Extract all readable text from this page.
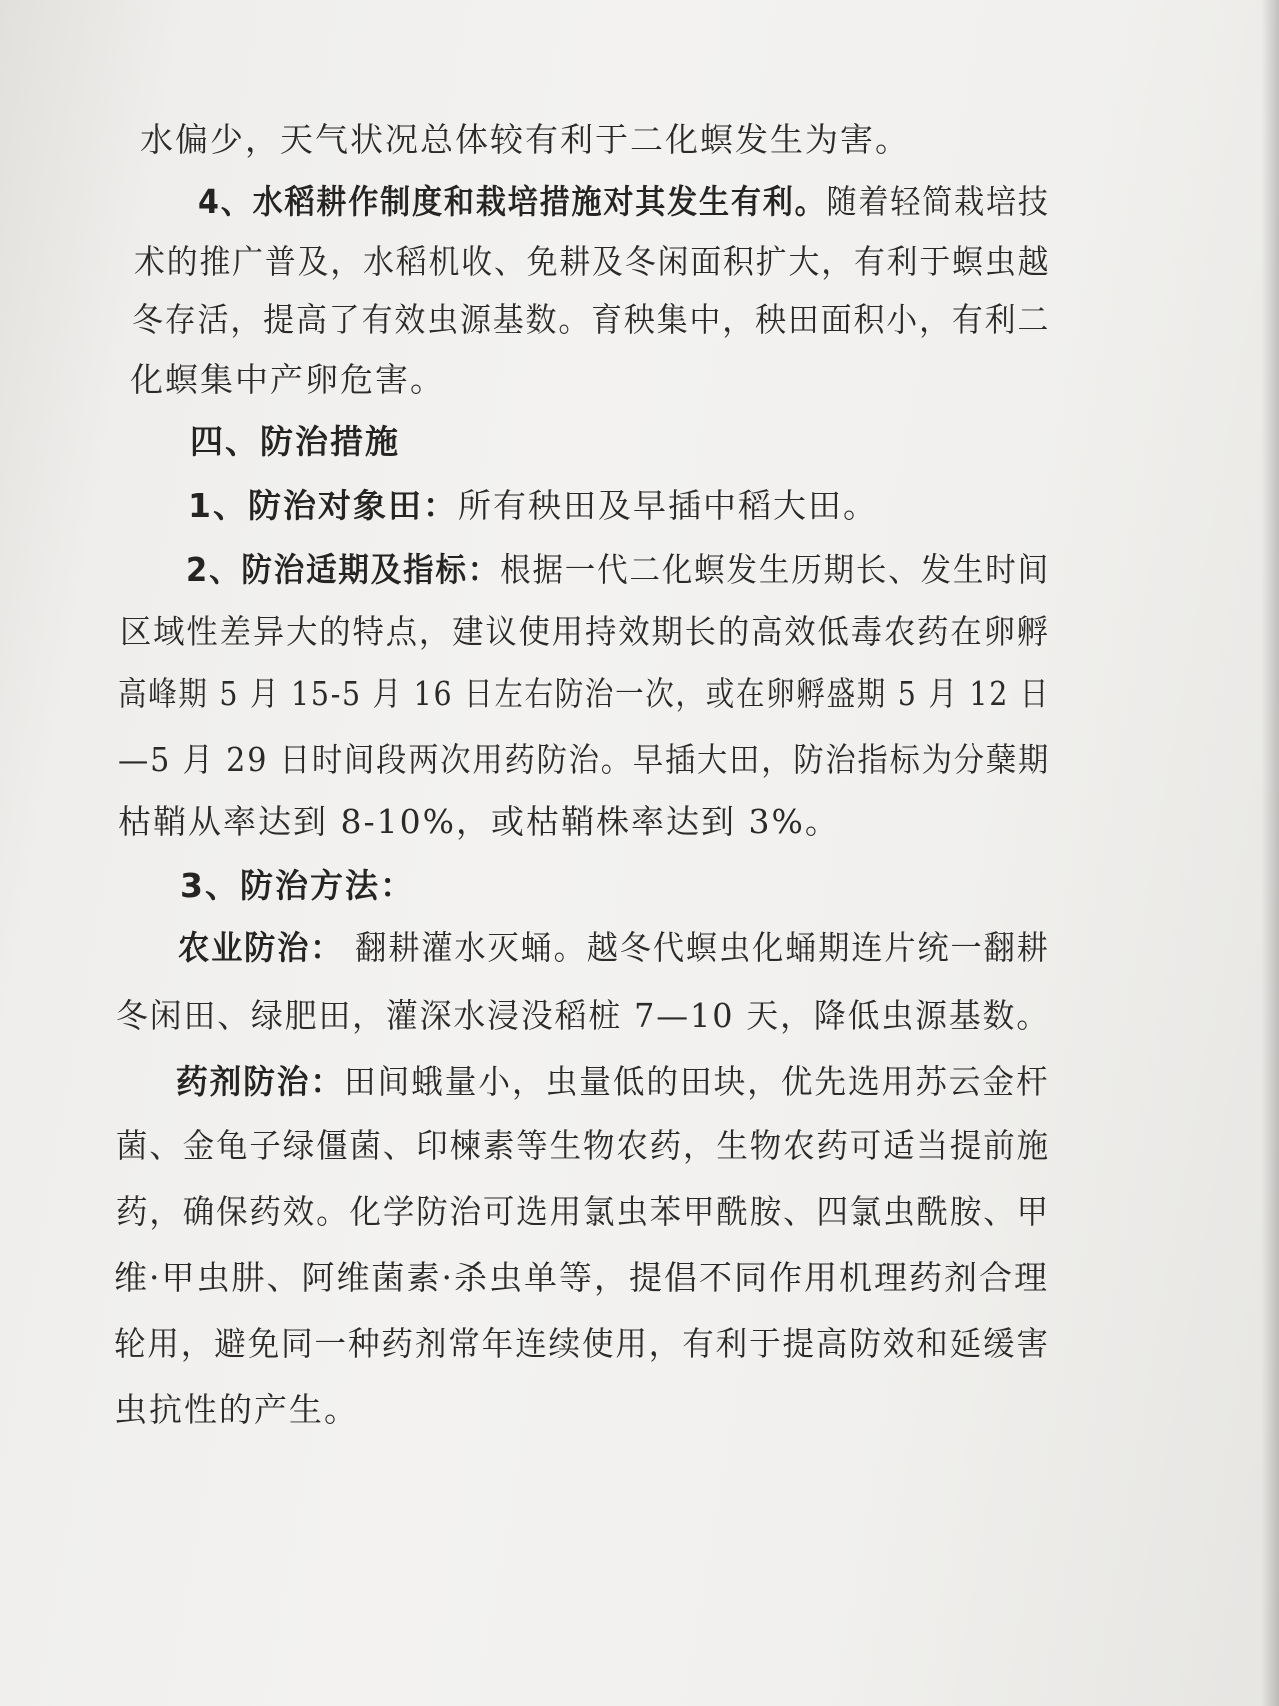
水偏少，天气状况总体较有利于二化螟发生为害。

4、水稻耕作制度和栽培措施对其发生有利。随着轻简栽培技

术的推广普及，水稻机收、免耕及冬闲面积扩大，有利于螟虫越

冬存活，提高了有效虫源基数。育秧集中，秧田面积小，有利二

化螟集中产卵危害。

四、防治措施

1、防治对象田：所有秧田及早插中稻大田。

2、防治适期及指标：根据一代二化螟发生历期长、发生时间

区域性差异大的特点，建议使用持效期长的高效低毒农药在卵孵

高峰期 5 月 15-5 月 16 日左右防治一次，或在卵孵盛期 5 月 12 日

—5 月 29 日时间段两次用药防治。早插大田，防治指标为分蘖期

枯鞘从率达到 8-10%，或枯鞘株率达到 3%。

3、防治方法：

农业防治： 翻耕灌水灭蛹。越冬代螟虫化蛹期连片统一翻耕

冬闲田、绿肥田，灌深水浸没稻桩 7—10 天，降低虫源基数。

药剂防治：田间蛾量小，虫量低的田块，优先选用苏云金杆

菌、金龟子绿僵菌、印楝素等生物农药，生物农药可适当提前施

药，确保药效。化学防治可选用氯虫苯甲酰胺、四氯虫酰胺、甲

维·甲虫肼、阿维菌素·杀虫单等，提倡不同作用机理药剂合理

轮用，避免同一种药剂常年连续使用，有利于提高防效和延缓害

虫抗性的产生。
